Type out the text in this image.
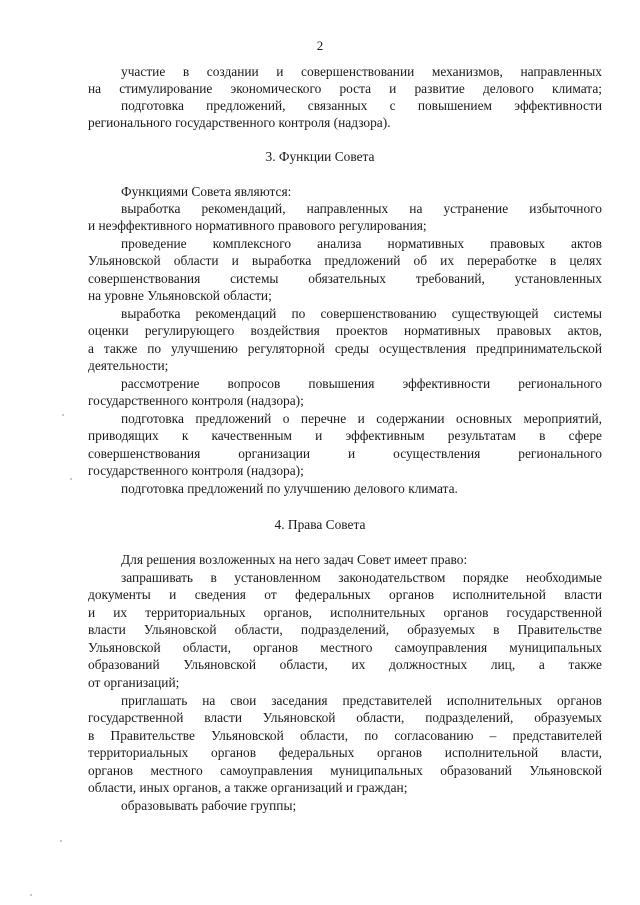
2
участие в создании и совершенствовании механизмов, направленных
на стимулирование экономического роста и развитие делового климата;
подготовка предложений, связанных с повышением эффективности
регионального государственного контроля (надзора).
3. Функции Совета
Функциями Совета являются:
выработка рекомендаций, направленных на устранение избыточного
и неэффективного нормативного правового регулирования;
проведение комплексного анализа нормативных правовых актов
Ульяновской области и выработка предложений об их переработке в целях
совершенствования системы обязательных требований, установленных
на уровне Ульяновской области;
выработка рекомендаций по совершенствованию существующей системы
оценки регулирующего воздействия проектов нормативных правовых актов,
а также по улучшению регуляторной среды осуществления предпринимательской
деятельности;
рассмотрение вопросов повышения эффективности регионального
государственного контроля (надзора);
подготовка предложений о перечне и содержании основных мероприятий,
приводящих к качественным и эффективным результатам в сфере
совершенствования организации и осуществления регионального
государственного контроля (надзора);
подготовка предложений по улучшению делового климата.
4. Права Совета
Для решения возложенных на него задач Совет имеет право:
запрашивать в установленном законодательством порядке необходимые
документы и сведения от федеральных органов исполнительной власти
и их территориальных органов, исполнительных органов государственной
власти Ульяновской области, подразделений, образуемых в Правительстве
Ульяновской области, органов местного самоуправления муниципальных
образований Ульяновской области, их должностных лиц, а также
от организаций;
приглашать на свои заседания представителей исполнительных органов
государственной власти Ульяновской области, подразделений, образуемых
в Правительстве Ульяновской области, по согласованию – представителей
территориальных органов федеральных органов исполнительной власти,
органов местного самоуправления муниципальных образований Ульяновской
области, иных органов, а также организаций и граждан;
образовывать рабочие группы;
